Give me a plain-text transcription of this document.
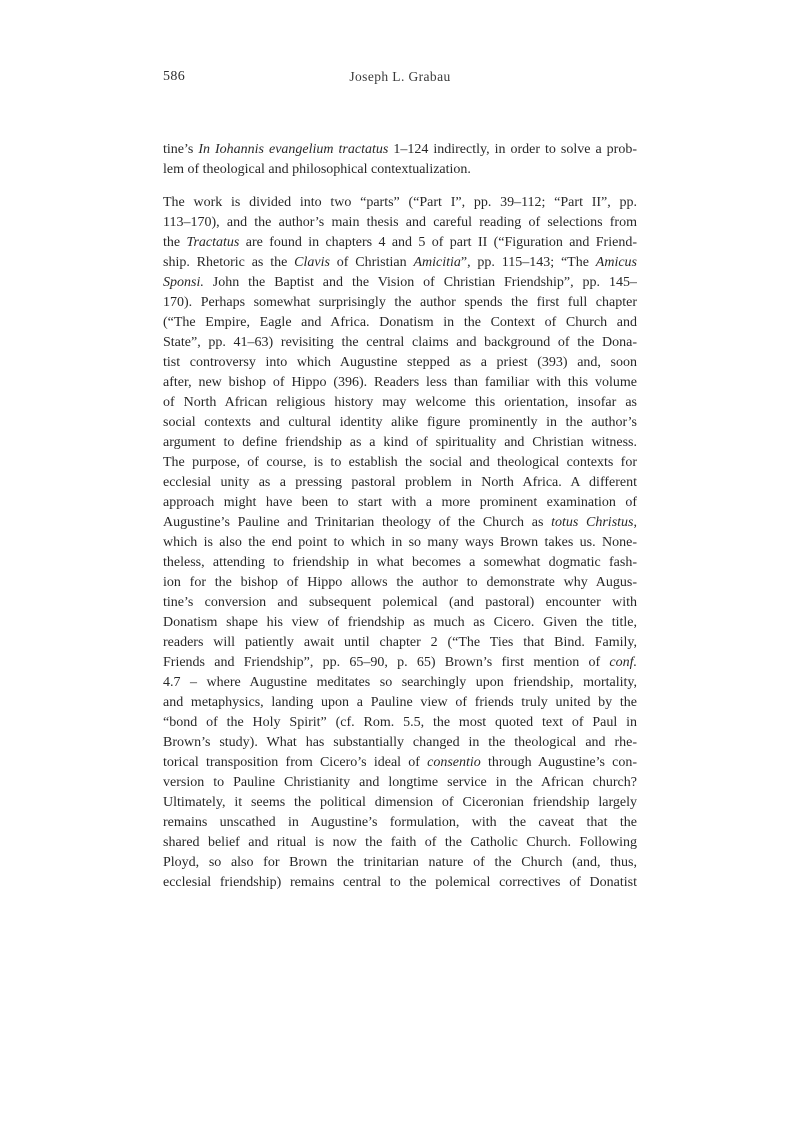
586	Joseph L. Grabau

tine’s In Iohannis evangelium tractatus 1–124 indirectly, in order to solve a prob-
lem of theological and philosophical contextualization.

The work is divided into two “parts” (“Part I”, pp. 39–112; “Part II”, pp.
113–170), and the author’s main thesis and careful reading of selections from
the Tractatus are found in chapters 4 and 5 of part II (“Figuration and Friend-
ship. Rhetoric as the Clavis of Christian Amicitia”, pp. 115–143; “The Amicus
Sponsi. John the Baptist and the Vision of Christian Friendship”, pp. 145–
170). Perhaps somewhat surprisingly the author spends the first full chapter
(“The Empire, Eagle and Africa. Donatism in the Context of Church and
State”, pp. 41–63) revisiting the central claims and background of the Dona-
tist controversy into which Augustine stepped as a priest (393) and, soon
after, new bishop of Hippo (396). Readers less than familiar with this volume
of North African religious history may welcome this orientation, insofar as
social contexts and cultural identity alike figure prominently in the author’s
argument to define friendship as a kind of spirituality and Christian witness.
The purpose, of course, is to establish the social and theological contexts for
ecclesial unity as a pressing pastoral problem in North Africa. A different
approach might have been to start with a more prominent examination of
Augustine’s Pauline and Trinitarian theology of the Church as totus Christus,
which is also the end point to which in so many ways Brown takes us. None-
theless, attending to friendship in what becomes a somewhat dogmatic fash-
ion for the bishop of Hippo allows the author to demonstrate why Augus-
tine’s conversion and subsequent polemical (and pastoral) encounter with
Donatism shape his view of friendship as much as Cicero. Given the title,
readers will patiently await until chapter 2 (“The Ties that Bind. Family,
Friends and Friendship”, pp. 65–90, p. 65) Brown’s first mention of conf.
4.7 – where Augustine meditates so searchingly upon friendship, mortality,
and metaphysics, landing upon a Pauline view of friends truly united by the
“bond of the Holy Spirit” (cf. Rom. 5.5, the most quoted text of Paul in
Brown’s study). What has substantially changed in the theological and rhe-
torical transposition from Cicero’s ideal of consentio through Augustine’s con-
version to Pauline Christianity and longtime service in the African church?
Ultimately, it seems the political dimension of Ciceronian friendship largely
remains unscathed in Augustine’s formulation, with the caveat that the
shared belief and ritual is now the faith of the Catholic Church. Following
Ployd, so also for Brown the trinitarian nature of the Church (and, thus,
ecclesial friendship) remains central to the polemical correctives of Donatist
